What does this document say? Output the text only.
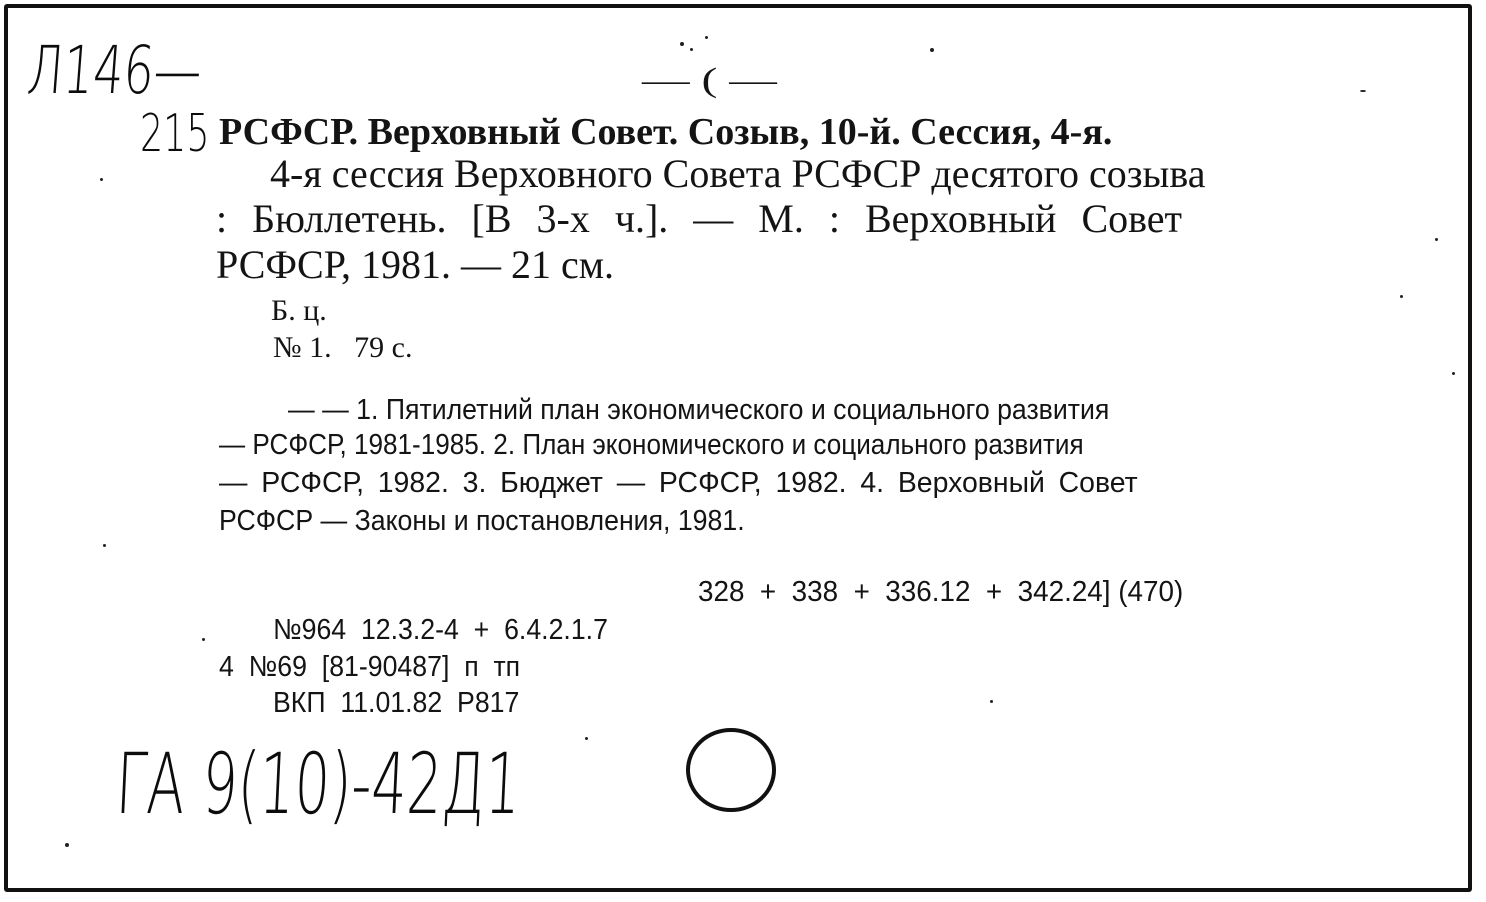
Л146—
215
— ( —
РСФСР. Верховный Совет. Созыв, 10-й. Сессия, 4-я.
4-я сессия Верховного Совета РСФСР десятого созыва
: Бюллетень. [В 3-х ч.]. — М. : Верховный Совет
РСФСР, 1981. — 21 см.
Б. ц.
№ 1.   79 с.
— — 1. Пятилетний план экономического и социального развития
— РСФСР, 1981-1985. 2. План экономического и социального развития
— РСФСР, 1982. 3. Бюджет — РСФСР, 1982. 4. Верховный Совет
РСФСР — Законы и постановления, 1981.
328  +  338  +  336.12  +  342.24] (470)
№964  12.3.2-4  +  6.4.2.1.7
4  №69  [81-90487]  п  тп
ВКП  11.01.82  Р817
ГА 9(10)-42Д1
